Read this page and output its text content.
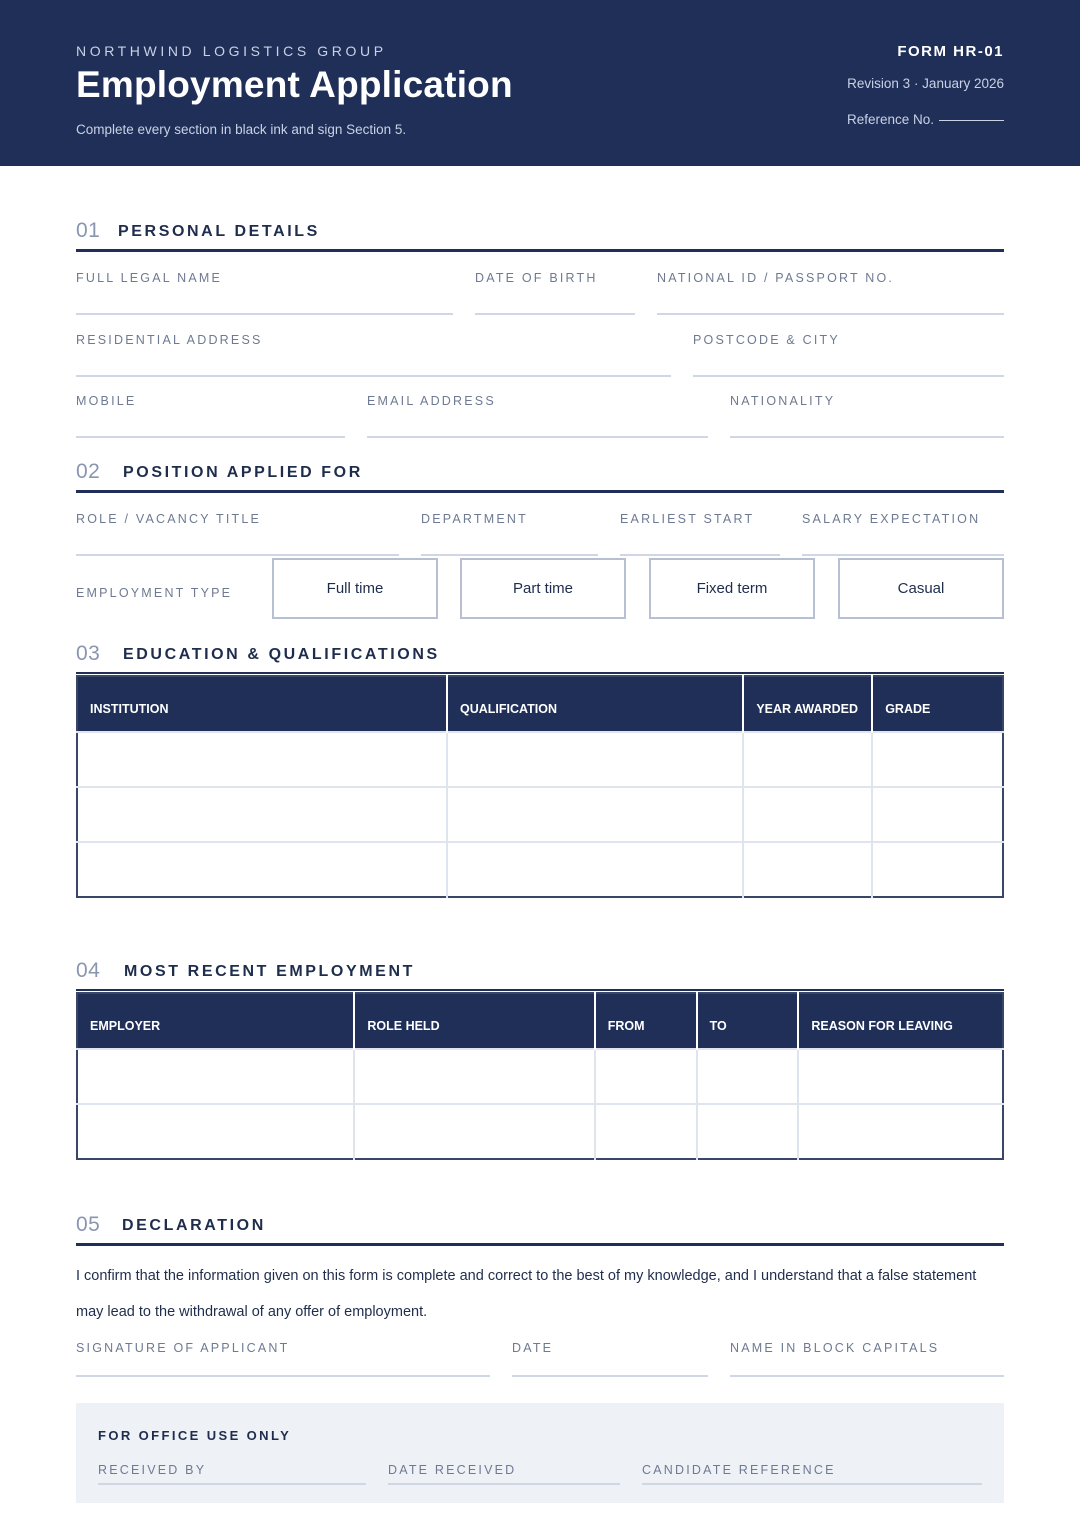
NORTHWIND LOGISTICS GROUP
Employment Application
Complete every section in black ink and sign Section 5.
FORM HR-01
Revision 3 · January 2026
Reference No.
01 PERSONAL DETAILS
FULL LEGAL NAME	DATE OF BIRTH	NATIONAL ID / PASSPORT NO.
RESIDENTIAL ADDRESS	POSTCODE & CITY
MOBILE	EMAIL ADDRESS	NATIONALITY
02 POSITION APPLIED FOR
ROLE / VACANCY TITLE	DEPARTMENT	EARLIEST START	SALARY EXPECTATION
EMPLOYMENT TYPE	Full time	Part time	Fixed term	Casual
03 EDUCATION & QUALIFICATIONS
INSTITUTION	QUALIFICATION	YEAR AWARDED	GRADE

04 MOST RECENT EMPLOYMENT
EMPLOYER	ROLE HELD	FROM	TO	REASON FOR LEAVING

05 DECLARATION
I confirm that the information given on this form is complete and correct to the best of my knowledge, and I understand that a false statement may lead to the withdrawal of any offer of employment.
SIGNATURE OF APPLICANT	DATE	NAME IN BLOCK CAPITALS
FOR OFFICE USE ONLY
RECEIVED BY	DATE RECEIVED	CANDIDATE REFERENCE
